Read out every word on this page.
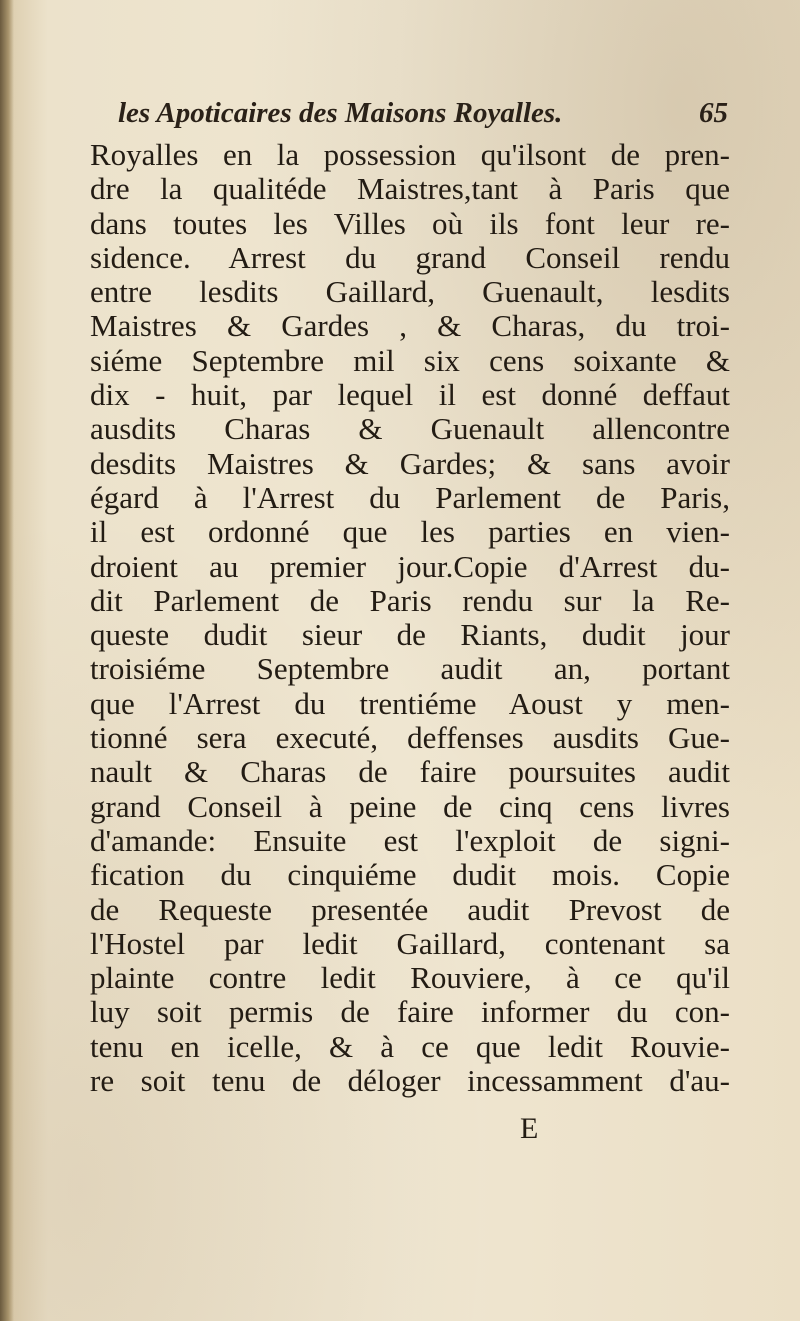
les Apoticaires des Maisons Royalles.	65
Royalles en la possession qu'ilsont de pren-
dre la qualitéde Maistres,tant à Paris que
dans toutes les Villes où ils font leur re-
sidence. Arrest du grand Conseil rendu
entre lesdits Gaillard, Guenault, lesdits
Maistres & Gardes , & Charas, du troi-
siéme Septembre mil six cens soixante &
dix - huit, par lequel il est donné deffaut
ausdits Charas & Guenault allencontre
desdits Maistres & Gardes; & sans avoir
égard à l'Arrest du Parlement de Paris,
il est ordonné que les parties en vien-
droient au premier jour.Copie d'Arrest du-
dit Parlement de Paris rendu sur la Re-
queste dudit sieur de Riants, dudit jour
troisiéme Septembre audit an, portant
que l'Arrest du trentiéme Aoust y men-
tionné sera executé, deffenses ausdits Gue-
nault & Charas de faire poursuites audit
grand Conseil à peine de cinq cens livres
d'amande: Ensuite est l'exploit de signi-
fication du cinquiéme dudit mois. Copie
de Requeste presentée audit Prevost de
l'Hostel par ledit Gaillard, contenant sa
plainte contre ledit Rouviere, à ce qu'il
luy soit permis de faire informer du con-
tenu en icelle, & à ce que ledit Rouvie-
re soit tenu de déloger incessamment d'au-
E
